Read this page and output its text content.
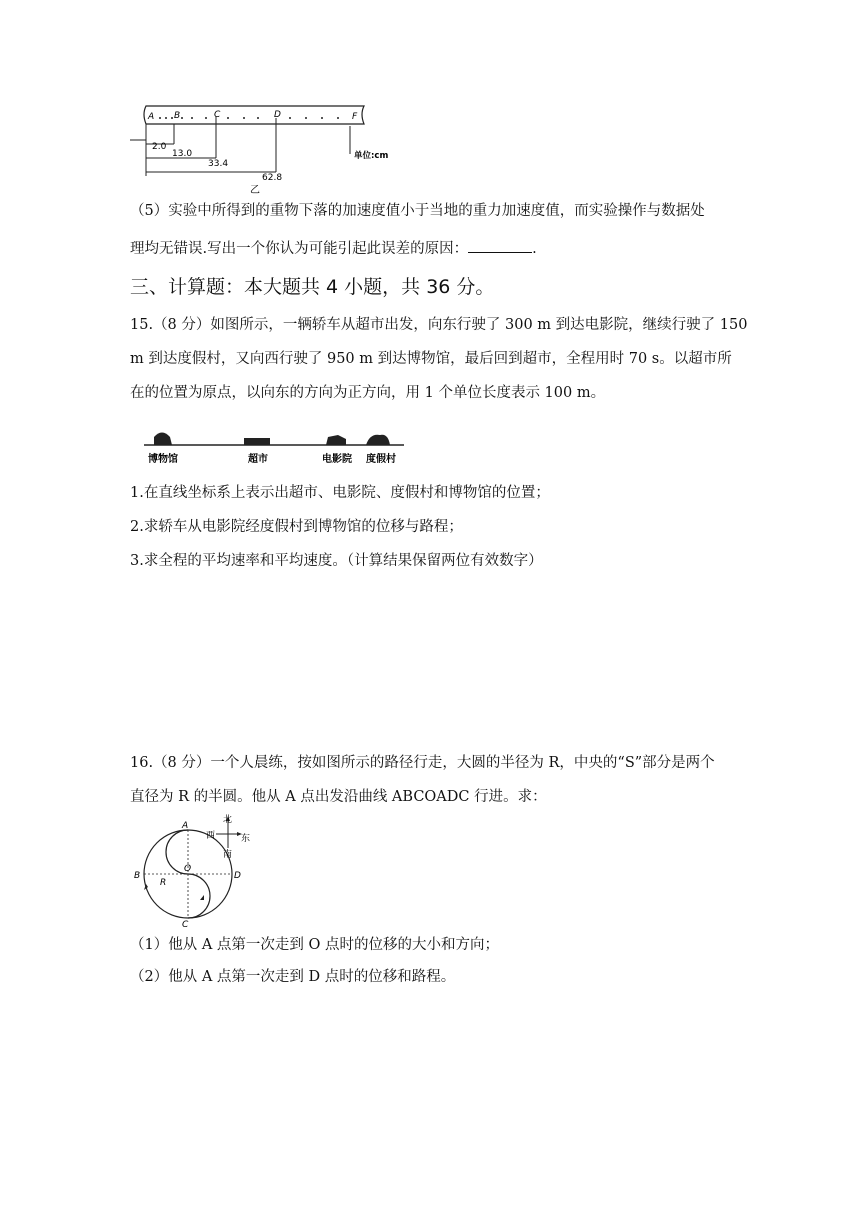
A B	C	D	F
2.0
13.0
33.4
62.8
单位:cm
乙
（5）实验中所得到的重物下落的加速度值小于当地的重力加速度值，而实验操作与数据处
理均无错误.写出一个你认为可能引起此误差的原因：	.
三、计算题：本大题共 4 小题，共 36 分。
15.（8 分）如图所示，一辆轿车从超市出发，向东行驶了 300 m 到达电影院，继续行驶了 150
m 到达度假村，又向西行驶了 950 m 到达博物馆，最后回到超市，全程用时 70 s。以超市所
在的位置为原点，以向东的方向为正方向，用 1 个单位长度表示 100 m。
博物馆	超市	电影院 度假村
1.在直线坐标系上表示出超市、电影院、度假村和博物馆的位置；
2.求轿车从电影院经度假村到博物馆的位移与路程；
3.求全程的平均速率和平均速度。（计算结果保留两位有效数字）
16.（8 分）一个人晨练，按如图所示的路径行走，大圆的半径为 R，中央的“S”部分是两个
直径为 R 的半圆。他从 A 点出发沿曲线 ABCOADC 行进。求：
A
B
C
D
O
R
北
西	东
南
（1）他从 A 点第一次走到 O 点时的位移的大小和方向；
（2）他从 A 点第一次走到 D 点时的位移和路程。
